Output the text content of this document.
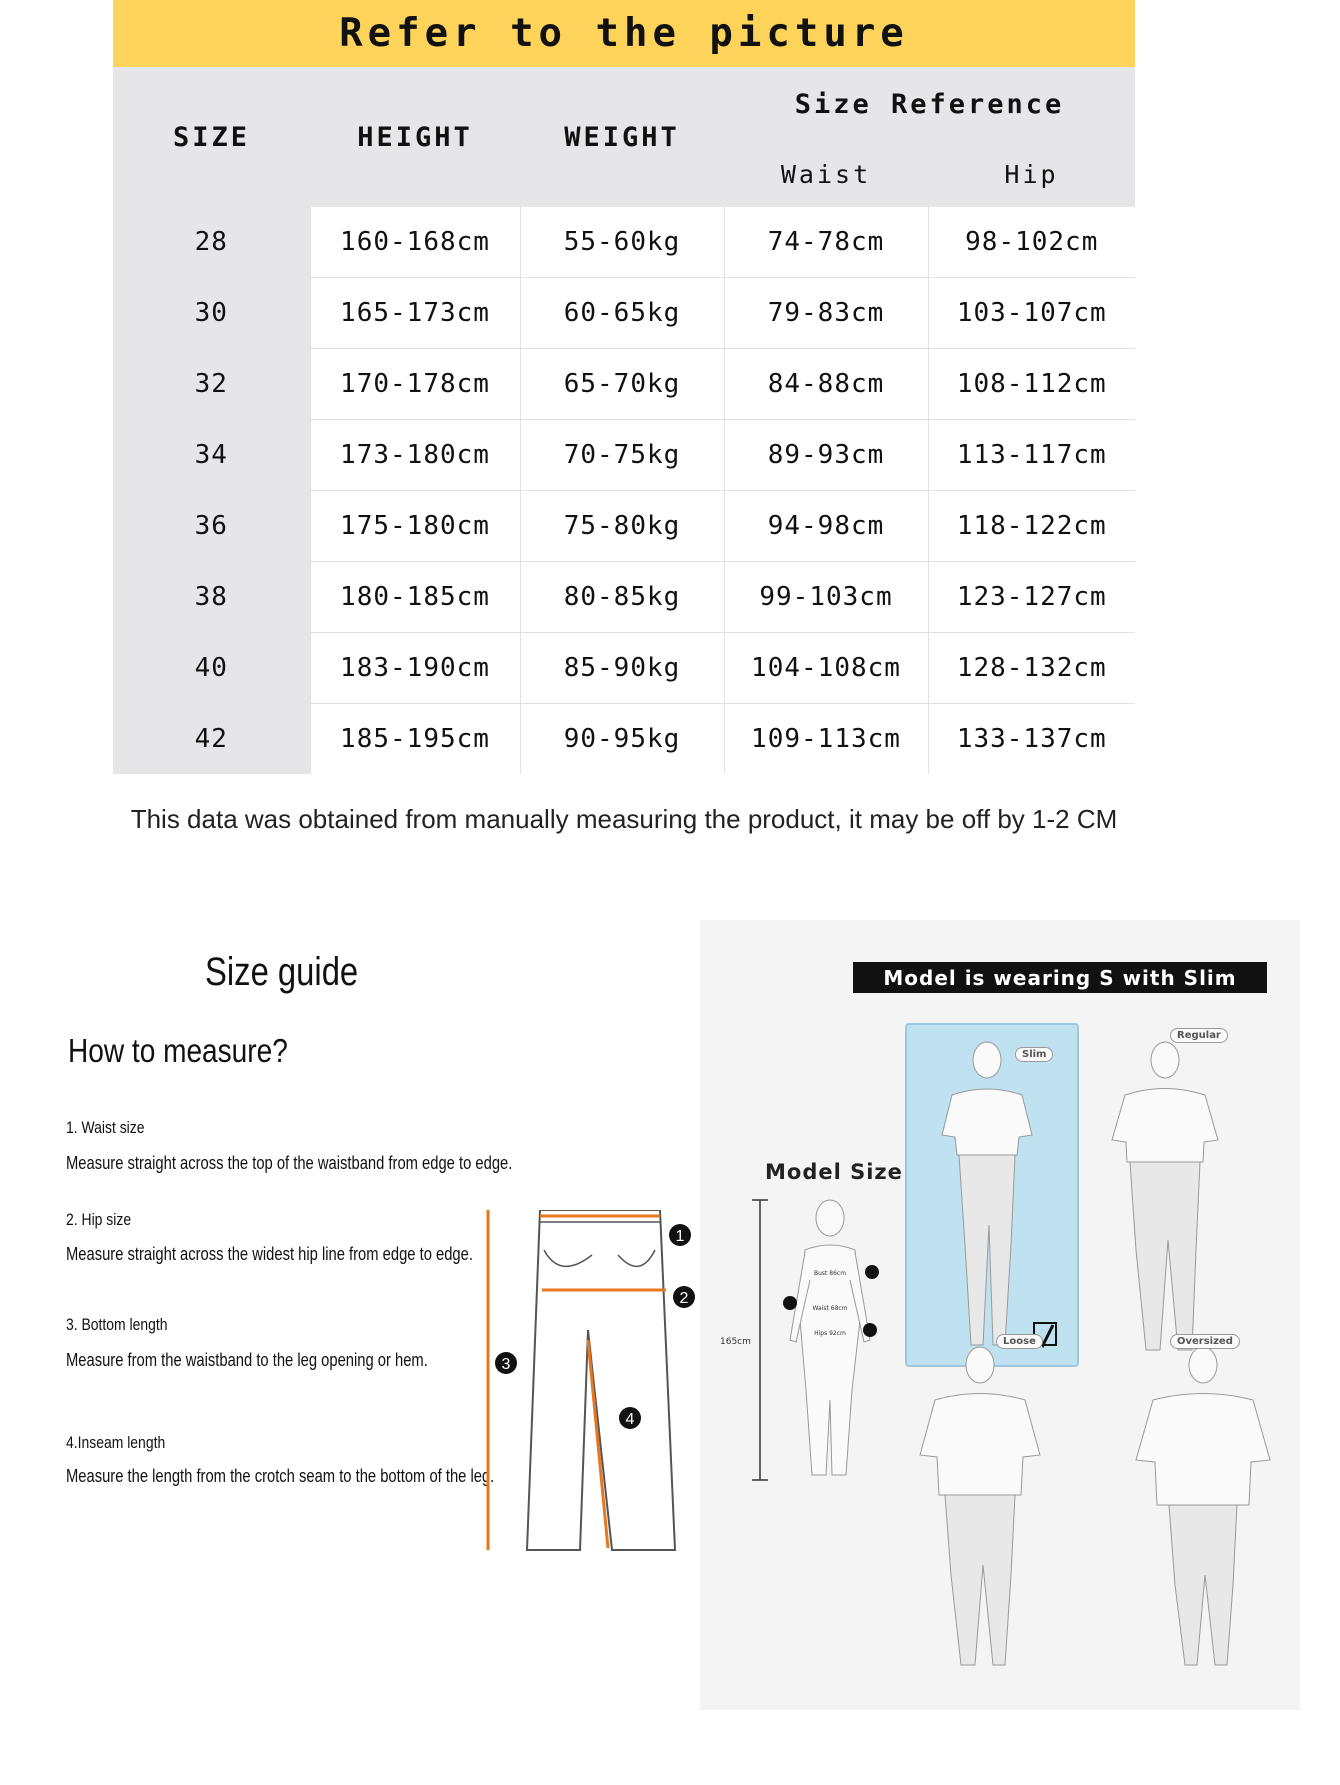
Refer to the picture
SIZE	HEIGHT	WEIGHT	Size Reference	
			Waist	Hip
28	160-168cm	55-60kg	74-78cm	98-102cm
30	165-173cm	60-65kg	79-83cm	103-107cm
32	170-178cm	65-70kg	84-88cm	108-112cm
34	173-180cm	70-75kg	89-93cm	113-117cm
36	175-180cm	75-80kg	94-98cm	118-122cm
38	180-185cm	80-85kg	99-103cm	123-127cm
40	183-190cm	85-90kg	104-108cm	128-132cm
42	185-195cm	90-95kg	109-113cm	133-137cm
This data was obtained from manually measuring the product, it may be off by 1-2 CM
Size guide
How to measure?
1. Waist size
Measure straight across the top of the waistband from edge to edge.
2. Hip size
Measure straight across the widest hip line from edge to edge.
3. Bottom length
Measure from the waistband to the leg opening or hem.
4.Inseam length
Measure the length from the crotch seam to the bottom of the leg.
1
2
3
4
Model is wearing S with Slim
Model Size
165cm
Bust 86cm
Waist 68cm
Hips 92cm
Slim
Regular
Loose	Oversized
